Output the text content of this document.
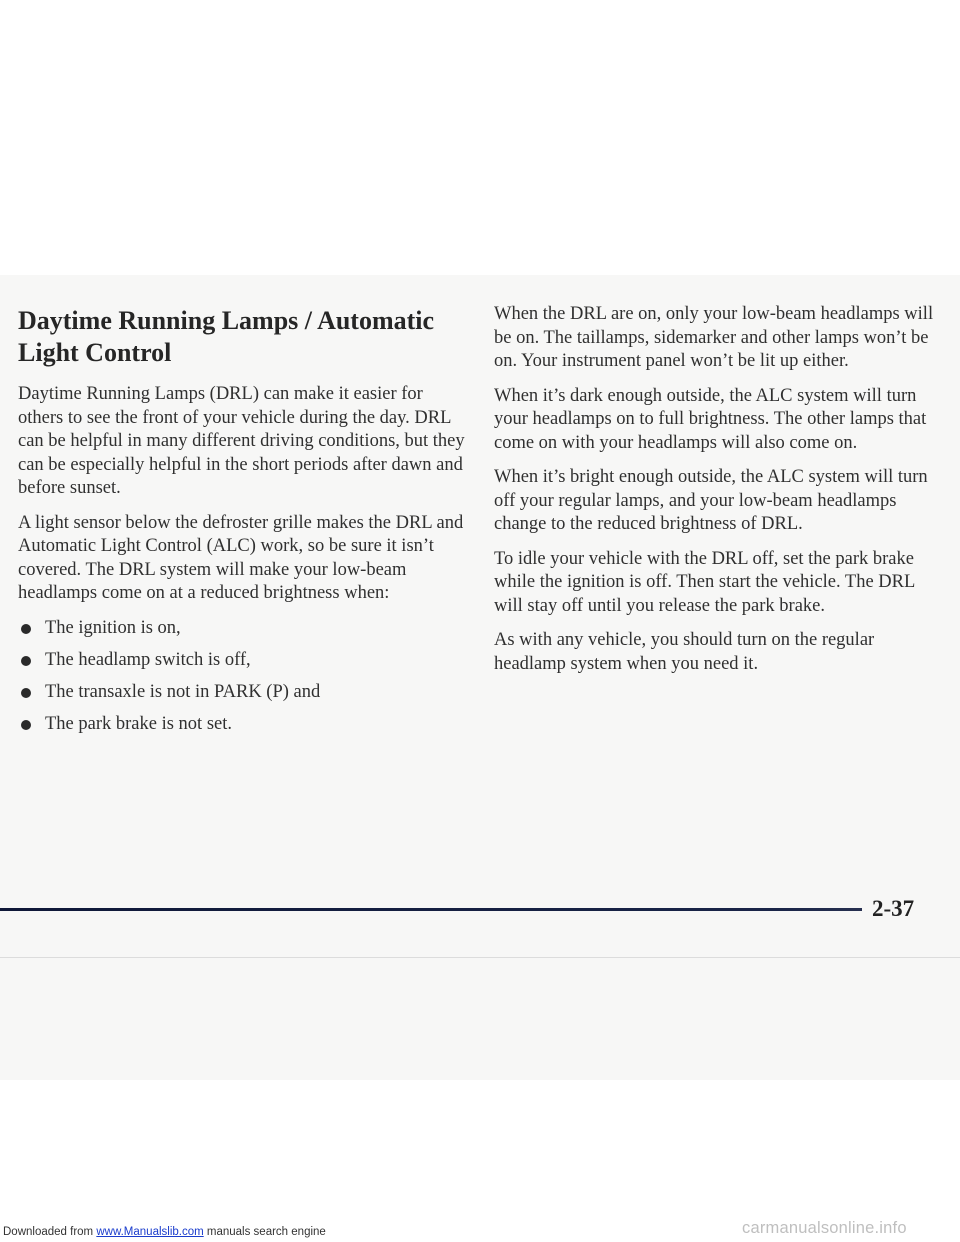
Daytime Running Lamps / Automatic
Light Control

Daytime Running Lamps (DRL) can make it easier for others to see the front of your vehicle during the day. DRL can be helpful in many different driving conditions, but they can be especially helpful in the short periods after dawn and before sunset.

A light sensor below the defroster grille makes the DRL and Automatic Light Control (ALC) work, so be sure it isn’t covered. The DRL system will make your low-beam headlamps come on at a reduced brightness when:

The ignition is on,
The headlamp switch is off,
The transaxle is not in PARK (P) and
The park brake is not set.

When the DRL are on, only your low-beam headlamps will be on. The taillamps, sidemarker and other lamps won’t be on. Your instrument panel won’t be lit up either.

When it’s dark enough outside, the ALC system will turn your headlamps on to full brightness. The other lamps that come on with your headlamps will also come on.

When it’s bright enough outside, the ALC system will turn off your regular lamps, and your low-beam headlamps change to the reduced brightness of DRL.

To idle your vehicle with the DRL off, set the park brake while the ignition is off. Then start the vehicle. The DRL will stay off until you release the park brake.

As with any vehicle, you should turn on the regular headlamp system when you need it.

2-37
Downloaded from www.Manualslib.com manuals search engine	carmanualsonline.info
